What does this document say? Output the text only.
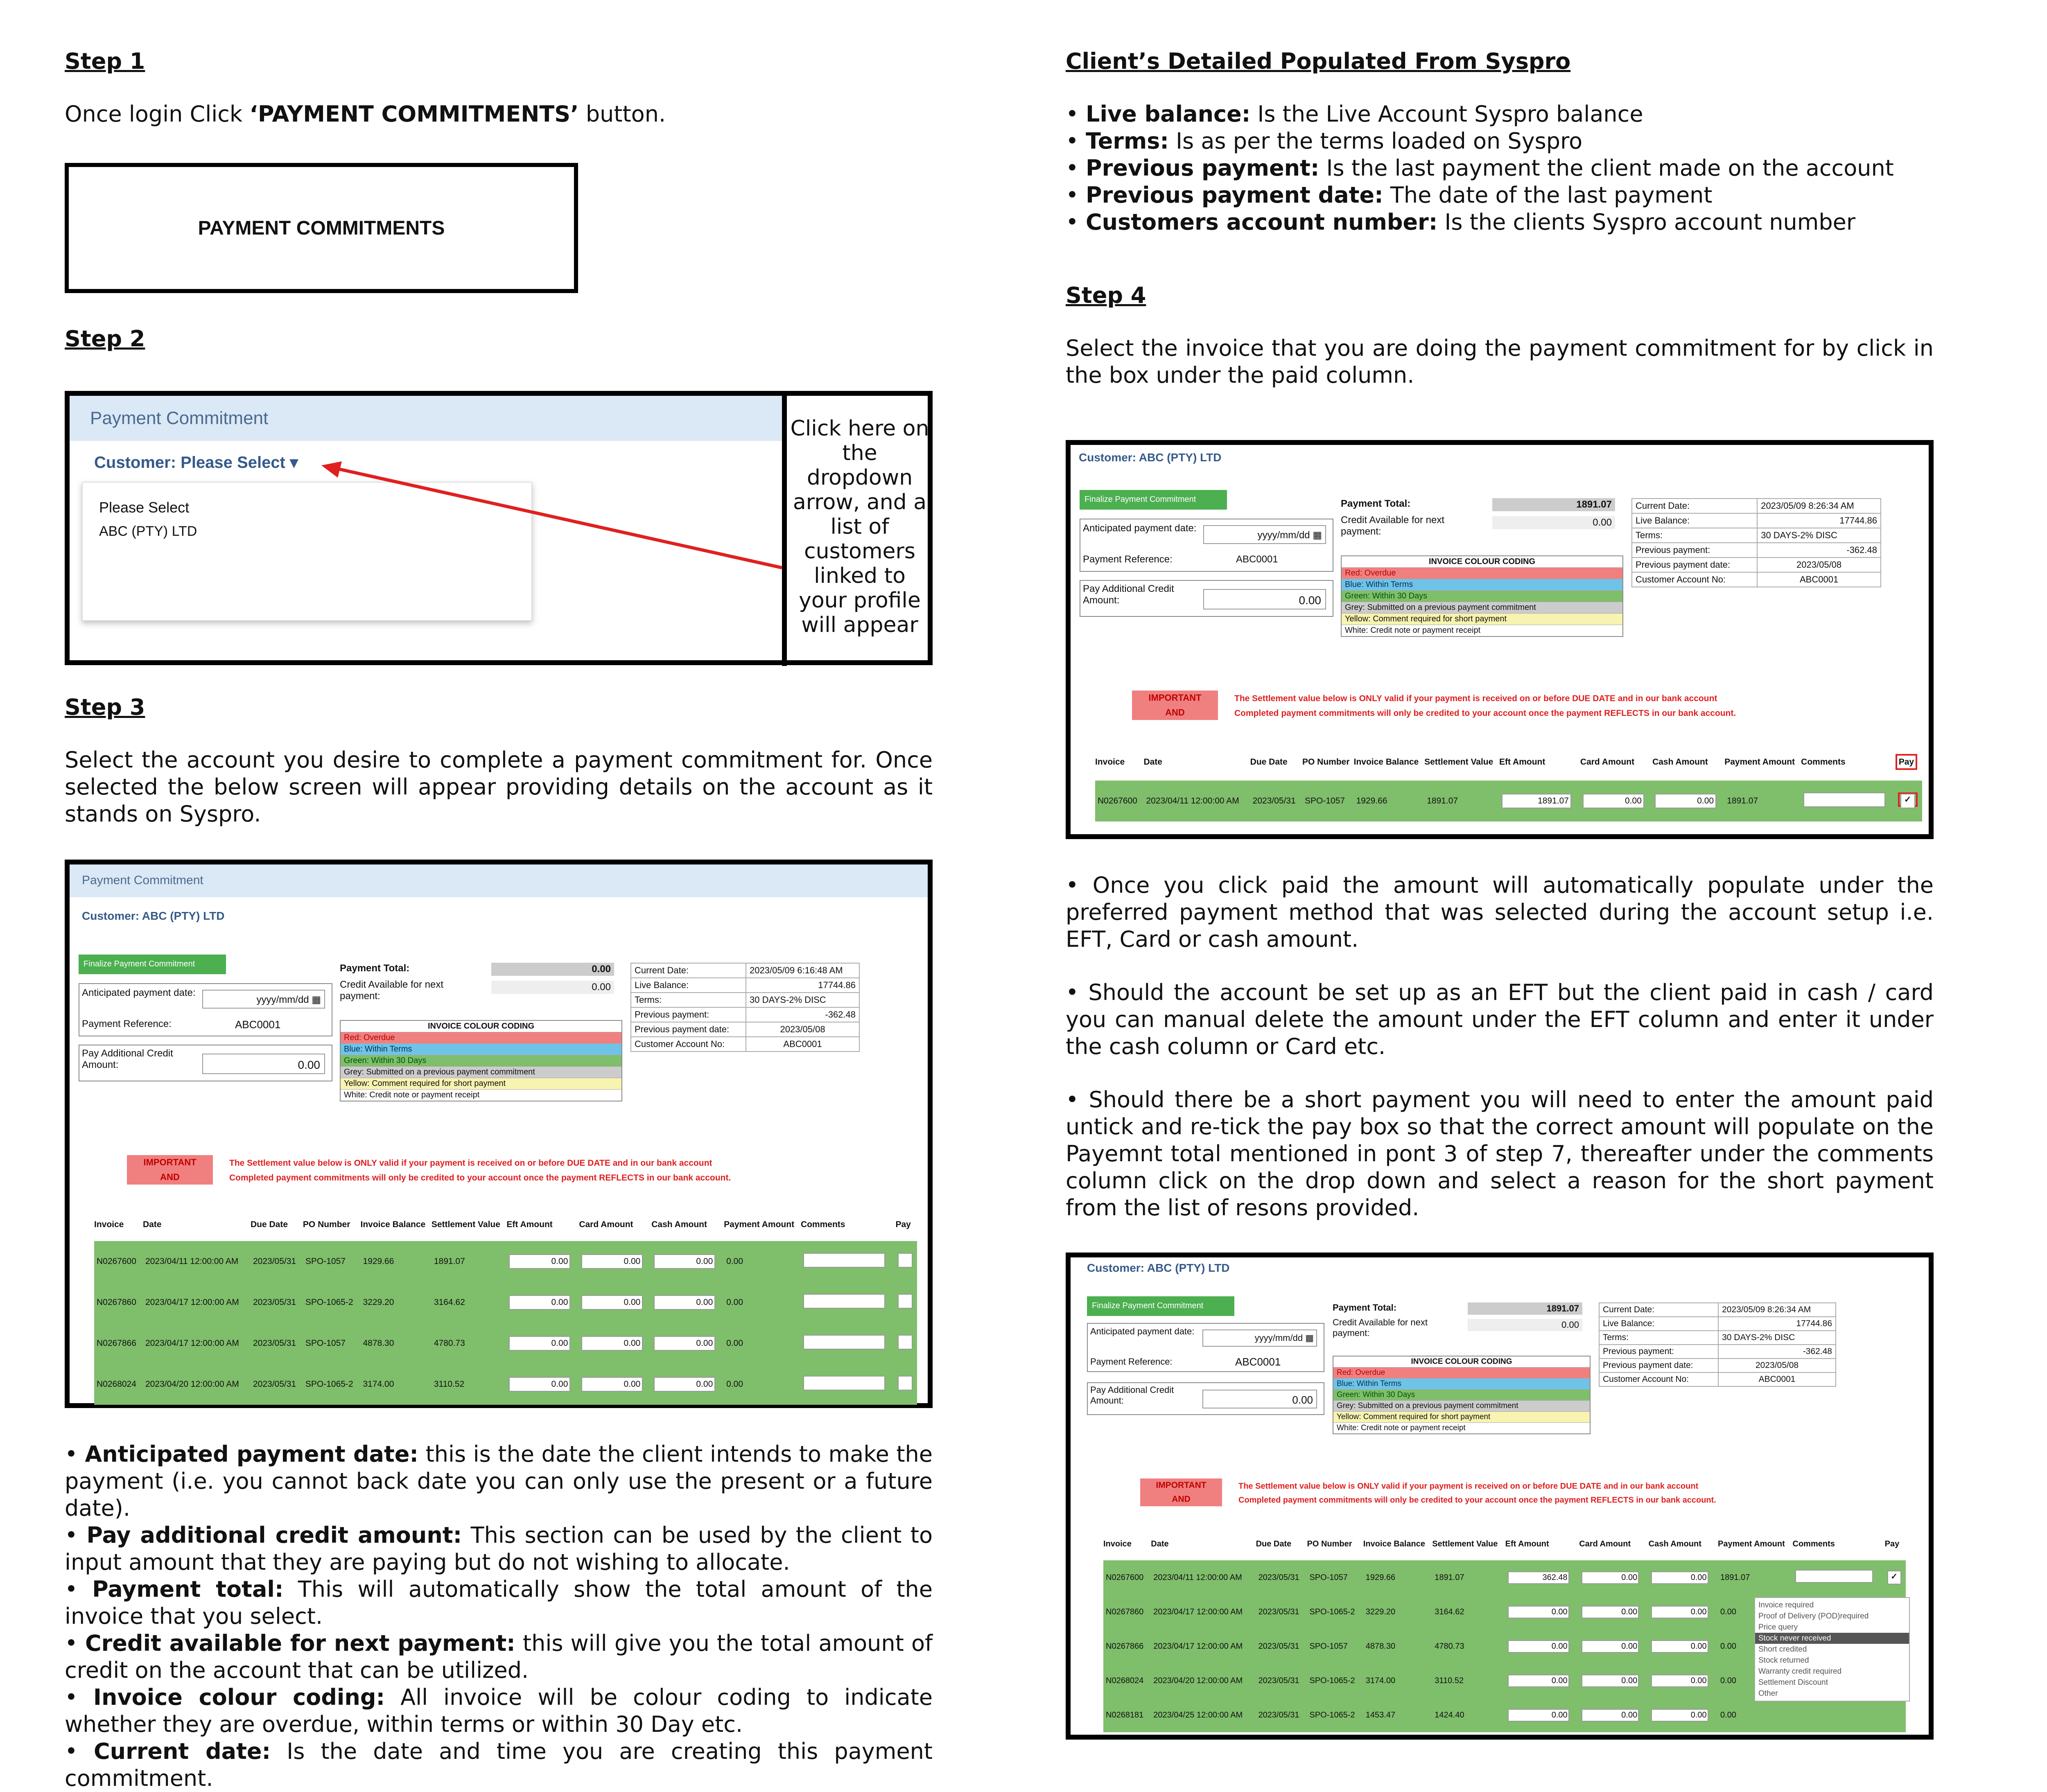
Step 1
Once login Click ‘PAYMENT COMMITMENTS’ button.
PAYMENT COMMITMENTS
Step 2
Payment Commitment
Customer: Please Select ▾
Please Select
ABC (PTY) LTD
Click here on the dropdown arrow, and a list of customers linked to your profile will appear
Step 3
Select the account you desire to complete a payment commitment for. Once selected the below screen will appear providing details on the account as it stands on Syspro.
Payment Commitment
Customer: ABC (PTY) LTD
Finalize Payment Commitment
Anticipated payment date:
yyyy/mm/dd ▦
Payment Reference:	ABC0001
Pay Additional Credit Amount:	0.00
Payment Total:	0.00
Credit Available for next payment:
0.00
INVOICE COLOUR CODING
Red: Overdue
Blue: Within Terms
Green: Within 30 Days
Grey: Submitted on a previous payment commitment
Yellow: Comment required for short payment
White: Credit note or payment receipt
Current Date:	2023/05/09 6:16:48 AM
Live Balance:	17744.86
Terms:	30 DAYS-2% DISC
Previous payment:	-362.48
Previous payment date:	2023/05/08
Customer Account No:	ABC0001
IMPORTANT
AND
The Settlement value below is ONLY valid if your payment is received on or before DUE DATE and in our bank account
Completed payment commitments will only be credited to your account once the payment REFLECTS in our bank account.
Invoice	Date	Due Date	PO Number	Invoice Balance	Settlement Value	Eft Amount	Card Amount	Cash Amount	Payment Amount	Comments	Pay
N0267600	2023/04/11 12:00:00 AM	2023/05/31	SPO-1057	1929.66	1891.07	0.00	0.00	0.00	0.00		
N0267860	2023/04/17 12:00:00 AM	2023/05/31	SPO-1065-2	3229.20	3164.62	0.00	0.00	0.00	0.00		
N0267866	2023/04/17 12:00:00 AM	2023/05/31	SPO-1057	4878.30	4780.73	0.00	0.00	0.00	0.00		
N0268024	2023/04/20 12:00:00 AM	2023/05/31	SPO-1065-2	3174.00	3110.52	0.00	0.00	0.00	0.00		
• Anticipated payment date: this is the date the client intends to make the payment (i.e. you cannot back date you can only use the present or a future date).
• Pay additional credit amount: This section can be used by the client to input amount that they are paying but do not wishing to allocate.
• Payment total: This will automatically show the total amount of the invoice that you select.
• Credit available for next payment: this will give you the total amount of credit on the account that can be utilized.
• Invoice colour coding: All invoice will be colour coding to indicate whether they are overdue, within terms or within 30 Day etc.
• Current date: Is the date and time you are creating this payment commitment.
Client’s Detailed Populated From Syspro
• Live balance: Is the Live Account Syspro balance
• Terms: Is as per the terms loaded on Syspro
• Previous payment: Is the last payment the client made on the account
• Previous payment date: The date of the last payment
• Customers account number: Is the clients Syspro account number
Step 4
Select the invoice that you are doing the payment commitment for by click in the box under the paid column.
Customer: ABC (PTY) LTD
Finalize Payment Commitment
Anticipated payment date:
yyyy/mm/dd ▦
Payment Reference:	ABC0001
Pay Additional Credit Amount:	0.00
Payment Total:	1891.07
Credit Available for next payment:
0.00
INVOICE COLOUR CODING
Red: Overdue
Blue: Within Terms
Green: Within 30 Days
Grey: Submitted on a previous payment commitment
Yellow: Comment required for short payment
White: Credit note or payment receipt
Current Date:	2023/05/09 8:26:34 AM
Live Balance:	17744.86
Terms:	30 DAYS-2% DISC
Previous payment:	-362.48
Previous payment date:	2023/05/08
Customer Account No:	ABC0001
IMPORTANT
AND
The Settlement value below is ONLY valid if your payment is received on or before DUE DATE and in our bank account
Completed payment commitments will only be credited to your account once the payment REFLECTS in our bank account.
Invoice	Date	Due Date	PO Number	Invoice Balance	Settlement Value	Eft Amount	Card Amount	Cash Amount	Payment Amount	Comments	Pay
N0267600	2023/04/11 12:00:00 AM	2023/05/31	SPO-1057	1929.66	1891.07	1891.07	0.00	0.00	1891.07		✓
• Once you click paid the amount will automatically populate under the preferred payment method that was selected during the account setup i.e. EFT, Card or cash amount.
• Should the account be set up as an EFT but the client paid in cash / card you can manual delete the amount under the EFT column and enter it under the cash column or Card etc.
• Should there be a short payment you will need to enter the amount paid untick and re-tick the pay box so that the correct amount will populate on the Payemnt total mentioned in pont 3 of step 7, thereafter under the comments column click on the drop down and select a reason for the short payment from the list of resons provided.
Customer: ABC (PTY) LTD
Finalize Payment Commitment
Anticipated payment date:
yyyy/mm/dd ▦
Payment Reference:	ABC0001
Pay Additional Credit Amount:	0.00
Payment Total:	1891.07
Credit Available for next payment:
0.00
INVOICE COLOUR CODING
Red: Overdue
Blue: Within Terms
Green: Within 30 Days
Grey: Submitted on a previous payment commitment
Yellow: Comment required for short payment
White: Credit note or payment receipt
Current Date:	2023/05/09 8:26:34 AM
Live Balance:	17744.86
Terms:	30 DAYS-2% DISC
Previous payment:	-362.48
Previous payment date:	2023/05/08
Customer Account No:	ABC0001
IMPORTANT
AND
The Settlement value below is ONLY valid if your payment is received on or before DUE DATE and in our bank account
Completed payment commitments will only be credited to your account once the payment REFLECTS in our bank account.
Invoice	Date	Due Date	PO Number	Invoice Balance	Settlement Value	Eft Amount	Card Amount	Cash Amount	Payment Amount	Comments	Pay
N0267600	2023/04/11 12:00:00 AM	2023/05/31	SPO-1057	1929.66	1891.07	362.48	0.00	0.00	1891.07		✓
N0267860	2023/04/17 12:00:00 AM	2023/05/31	SPO-1065-2	3229.20	3164.62	0.00	0.00	0.00	0.00		
N0267866	2023/04/17 12:00:00 AM	2023/05/31	SPO-1057	4878.30	4780.73	0.00	0.00	0.00	0.00		
N0268024	2023/04/20 12:00:00 AM	2023/05/31	SPO-1065-2	3174.00	3110.52	0.00	0.00	0.00	0.00		
N0268181	2023/04/25 12:00:00 AM	2023/05/31	SPO-1065-2	1453.47	1424.40	0.00	0.00	0.00	0.00		
Invoice required
Proof of Delivery (POD)required
Price query
Stock never received
Short credited
Stock returned
Warranty credit required
Settlement Discount
Other
